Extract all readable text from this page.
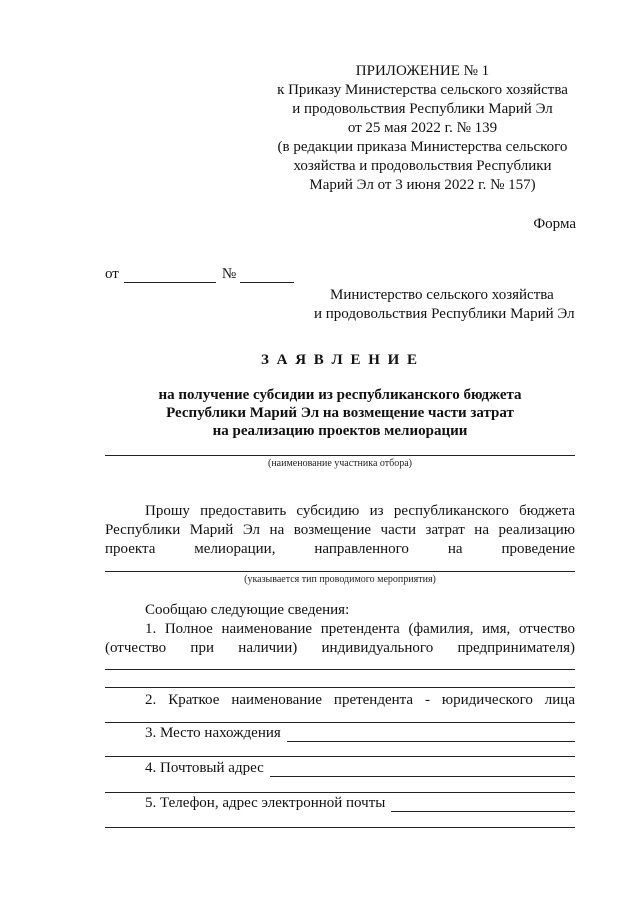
ПРИЛОЖЕНИЕ № 1
к Приказу Министерства сельского хозяйства
и продовольствия Республики Марий Эл
от 25 мая 2022 г. № 139
(в редакции приказа Министерства сельского
хозяйства и продовольствия Республики
Марий Эл от 3 июня 2022 г. № 157)
Форма
от	№
Министерство сельского хозяйства
и продовольствия Республики Марий Эл
З А Я В Л Е Н И Е
на получение субсидии из республиканского бюджета
Республики Марий Эл на возмещение части затрат
на реализацию проектов мелиорации
(наименование участника отбора)
Прошу предоставить субсидию из республиканского бюджета
Республики Марий Эл на возмещение части затрат на реализацию
проекта мелиорации, направленного на проведение
(указывается тип проводимого мероприятия)
Сообщаю следующие сведения:
1. Полное наименование претендента (фамилия, имя, отчество
(отчество при наличии) индивидуального предпринимателя)
2. Краткое наименование претендента - юридического лица
3. Место нахождения
4. Почтовый адрес
5. Телефон, адрес электронной почты
